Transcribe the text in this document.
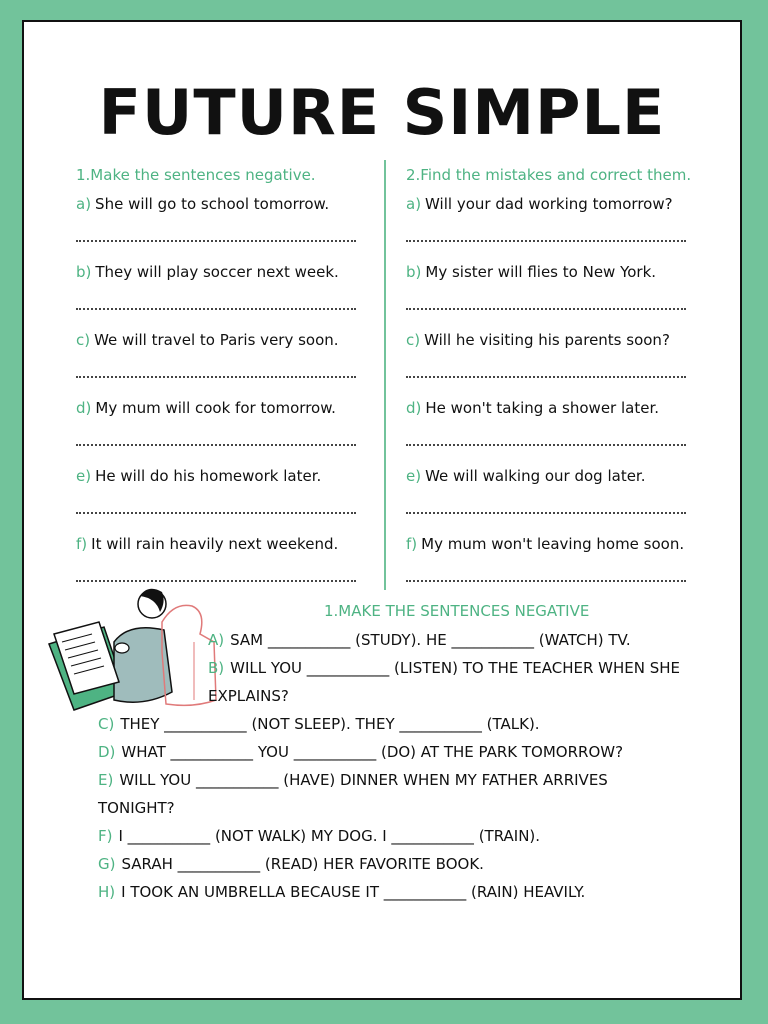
FUTURE SIMPLE
1.Make the sentences negative.
a) She will go to school tomorrow.
b) They will play soccer next week.
c) We will travel to Paris very soon.
d) My mum will cook for tomorrow.
e) He will do his homework later.
f) It will rain heavily next weekend.
2.Find the mistakes and correct them.
a) Will your dad working tomorrow?
b) My sister will flies to New York.
c) Will he visiting his parents soon?
d) He won't taking a shower later.
e) We will walking our dog later.
f) My mum won't leaving home soon.
1.MAKE THE SENTENCES NEGATIVE
A) SAM ___________ (STUDY). HE ___________ (WATCH) TV.
B) WILL YOU ___________ (LISTEN) TO THE TEACHER WHEN SHE
EXPLAINS?
C) THEY ___________ (NOT SLEEP). THEY ___________ (TALK).
D) WHAT ___________ YOU ___________ (DO) AT THE PARK TOMORROW?
E) WILL YOU ___________ (HAVE) DINNER WHEN MY FATHER ARRIVES
TONIGHT?
F) I ___________ (NOT WALK) MY DOG. I ___________ (TRAIN).
G) SARAH ___________ (READ) HER FAVORITE BOOK.
H) I TOOK AN UMBRELLA BECAUSE IT ___________ (RAIN) HEAVILY.
